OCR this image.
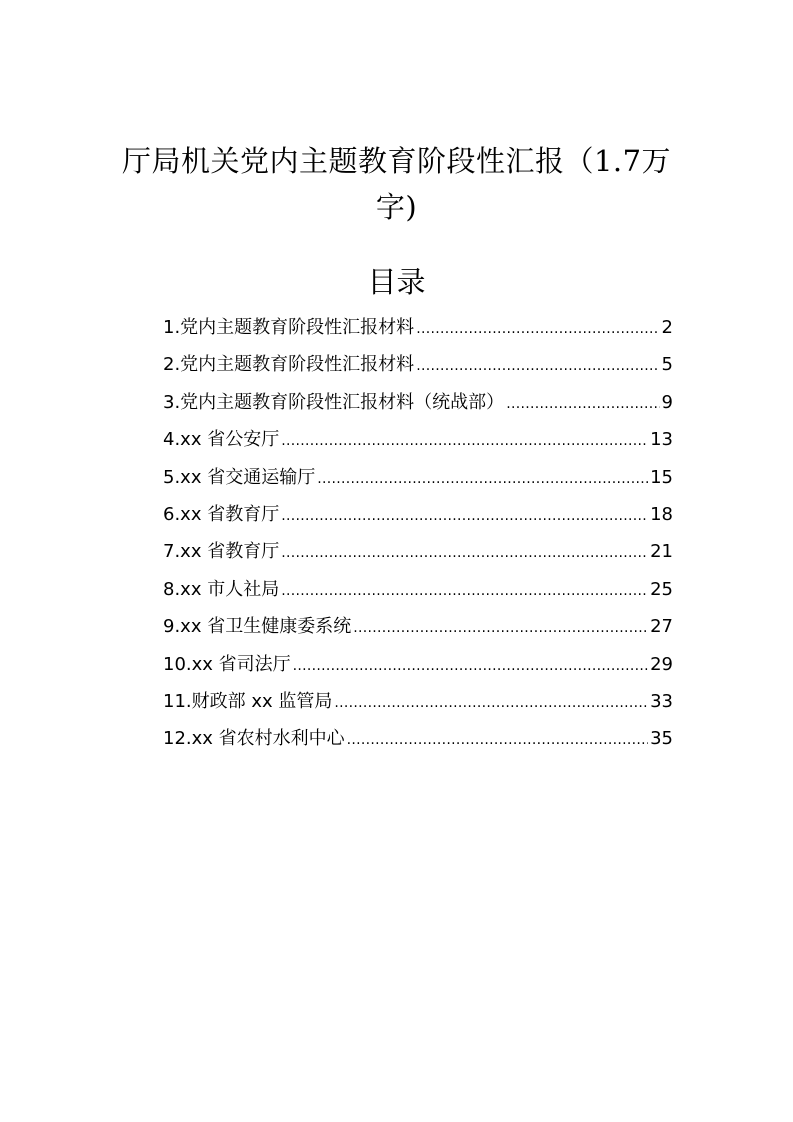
厅局机关党内主题教育阶段性汇报（1.7万字)
目录
1.党内主题教育阶段性汇报材料 .....	2
2.党内主题教育阶段性汇报材料 .....	5
3.党内主题教育阶段性汇报材料（统战部） .....	9
4.xx 省公安厅 .....	13
5.xx 省交通运输厅 .....	15
6.xx 省教育厅 .....	18
7.xx 省教育厅 .....	21
8.xx 市人社局 .....	25
9.xx 省卫生健康委系统 .....	27
10.xx 省司法厅 .....	29
11.财政部 xx 监管局 .....	33
12.xx 省农村水利中心 .....	35
